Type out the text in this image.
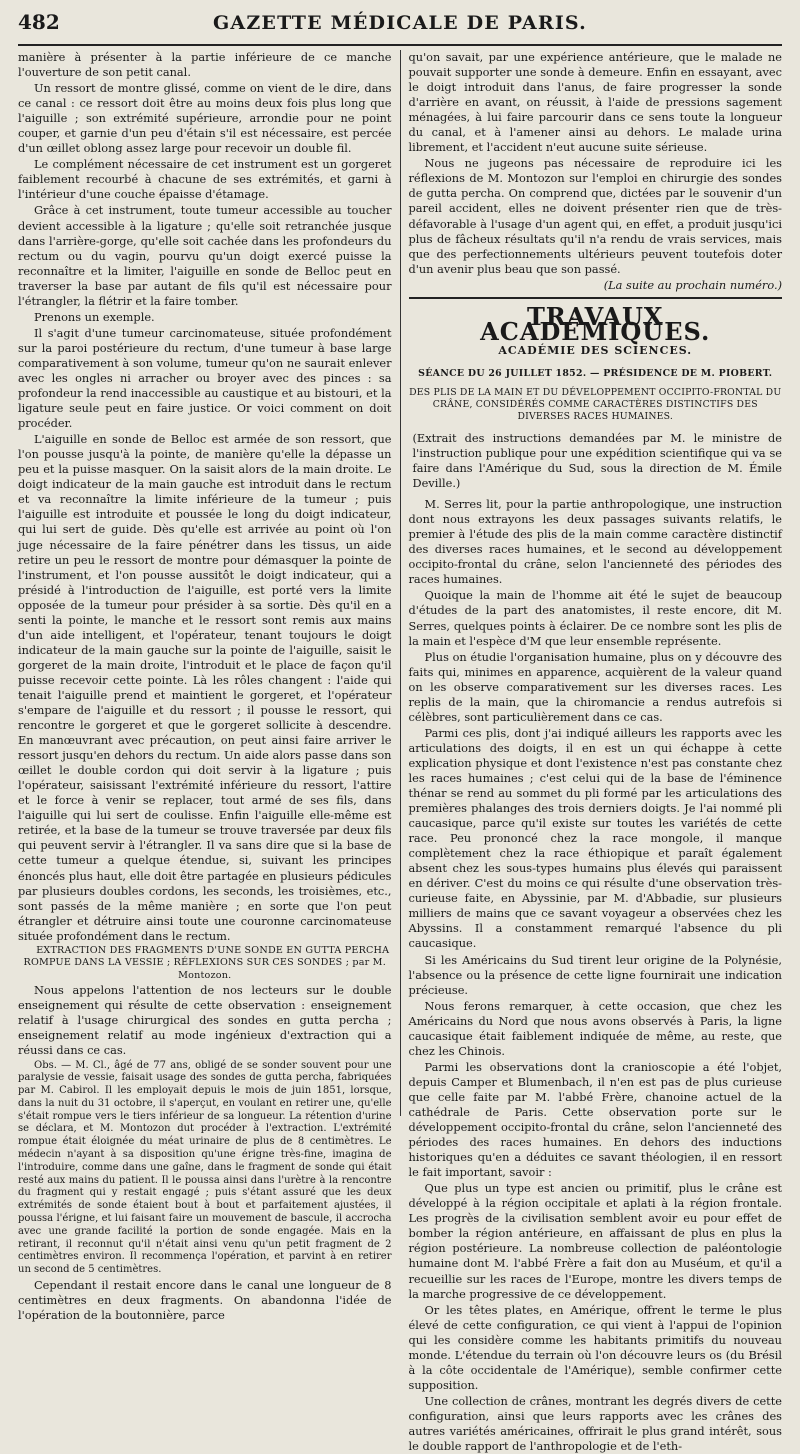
482	GAZETTE MÉDICALE DE PARIS.

manière à présenter à la partie inférieure de ce manche l'ouverture de son petit canal.

Un ressort de montre glissé, comme on vient de le dire, dans ce canal : ce ressort doit être au moins deux fois plus long que l'aiguille ; son extrémité supérieure, arrondie pour ne point couper, et garnie d'un peu d'étain s'il est nécessaire, est percée d'un œillet oblong assez large pour recevoir un double fil.

Le complément nécessaire de cet instrument est un gorgeret faiblement recourbé à chacune de ses extrémités, et garni à l'intérieur d'une couche épaisse d'étamage.

Grâce à cet instrument, toute tumeur accessible au toucher devient accessible à la ligature ; qu'elle soit retranchée jusque dans l'arrière-gorge, qu'elle soit cachée dans les profondeurs du rectum ou du vagin, pourvu qu'un doigt exercé puisse la reconnaître et la limiter, l'aiguille en sonde de Belloc peut en traverser la base par autant de fils qu'il est nécessaire pour l'étrangler, la flétrir et la faire tomber.

Prenons un exemple.

Il s'agit d'une tumeur carcinomateuse, située profondément sur la paroi postérieure du rectum, d'une tumeur à base large comparativement à son volume, tumeur qu'on ne saurait enlever avec les ongles ni arracher ou broyer avec des pinces : sa profondeur la rend inaccessible au caustique et au bistouri, et la ligature seule peut en faire justice. Or voici comment on doit procéder.

L'aiguille en sonde de Belloc est armée de son ressort, que l'on pousse jusqu'à la pointe, de manière qu'elle la dépasse un peu et la puisse masquer. On la saisit alors de la main droite. Le doigt indicateur de la main gauche est introduit dans le rectum et va reconnaître la limite inférieure de la tumeur ; puis l'aiguille est introduite et poussée le long du doigt indicateur, qui lui sert de guide. Dès qu'elle est arrivée au point où l'on juge nécessaire de la faire pénétrer dans les tissus, un aide retire un peu le ressort de montre pour démasquer la pointe de l'instrument, et l'on pousse aussitôt le doigt indicateur, qui a présidé à l'introduction de l'aiguille, est porté vers la limite opposée de la tumeur pour présider à sa sortie. Dès qu'il en a senti la pointe, le manche et le ressort sont remis aux mains d'un aide intelligent, et l'opérateur, tenant toujours le doigt indicateur de la main gauche sur la pointe de l'aiguille, saisit le gorgeret de la main droite, l'introduit et le place de façon qu'il puisse recevoir cette pointe. Là les rôles changent : l'aide qui tenait l'aiguille prend et maintient le gorgeret, et l'opérateur s'empare de l'aiguille et du ressort ; il pousse le ressort, qui rencontre le gorgeret et que le gorgeret sollicite à descendre. En manœuvrant avec précaution, on peut ainsi faire arriver le ressort jusqu'en dehors du rectum. Un aide alors passe dans son œillet le double cordon qui doit servir à la ligature ; puis l'opérateur, saisissant l'extrémité inférieure du ressort, l'attire et le force à venir se replacer, tout armé de ses fils, dans l'aiguille qui lui sert de coulisse. Enfin l'aiguille elle-même est retirée, et la base de la tumeur se trouve traversée par deux fils qui peuvent servir à l'étrangler. Il va sans dire que si la base de cette tumeur a quelque étendue, si, suivant les principes énoncés plus haut, elle doit être partagée en plusieurs pédicules par plusieurs doubles cordons, les seconds, les troisièmes, etc., sont passés de la même manière ; en sorte que l'on peut étrangler et détruire ainsi toute une couronne carcinomateuse située profondément dans le rectum.

EXTRACTION DES FRAGMENTS D'UNE SONDE EN GUTTA PERCHA ROMPUE DANS LA VESSIE ; RÉFLEXIONS SUR CES SONDES ; par M. Montozon.

Nous appelons l'attention de nos lecteurs sur le double enseignement qui résulte de cette observation : enseignement relatif à l'usage chirurgical des sondes en gutta percha ; enseignement relatif au mode ingénieux d'extraction qui a réussi dans ce cas.

Obs. — M. Cl., âgé de 77 ans, obligé de se sonder souvent pour une paralysie de vessie, faisait usage des sondes de gutta percha, fabriquées par M. Cabirol. Il les employait depuis le mois de juin 1851, lorsque, dans la nuit du 31 octobre, il s'aperçut, en voulant en retirer une, qu'elle s'était rompue vers le tiers inférieur de sa longueur. La rétention d'urine se déclara, et M. Montozon dut procéder à l'extraction. L'extrémité rompue était éloignée du méat urinaire de plus de 8 centimètres. Le médecin n'ayant à sa disposition qu'une érigne très-fine, imagina de l'introduire, comme dans une gaîne, dans le fragment de sonde qui était resté aux mains du patient. Il le poussa ainsi dans l'urètre à la rencontre du fragment qui y restait engagé ; puis s'étant assuré que les deux extrémités de sonde étaient bout à bout et parfaitement ajustées, il poussa l'érigne, et lui faisant faire un mouvement de bascule, il accrocha avec une grande facilité la portion de sonde engagée. Mais en la retirant, il reconnut qu'il n'était ainsi venu qu'un petit fragment de 2 centimètres environ. Il recommença l'opération, et parvint à en retirer un second de 5 centimètres.

Cependant il restait encore dans le canal une longueur de 8 centimètres en deux fragments. On abandonna l'idée de l'opération de la boutonnière, parce

qu'on savait, par une expérience antérieure, que le malade ne pouvait supporter une sonde à demeure. Enfin en essayant, avec le doigt introduit dans l'anus, de faire progresser la sonde d'arrière en avant, on réussit, à l'aide de pressions sagement ménagées, à lui faire parcourir dans ce sens toute la longueur du canal, et à l'amener ainsi au dehors. Le malade urina librement, et l'accident n'eut aucune suite sérieuse.

Nous ne jugeons pas nécessaire de reproduire ici les réflexions de M. Montozon sur l'emploi en chirurgie des sondes de gutta percha. On comprend que, dictées par le souvenir d'un pareil accident, elles ne doivent présenter rien que de très-défavorable à l'usage d'un agent qui, en effet, a produit jusqu'ici plus de fâcheux résultats qu'il n'a rendu de vrais services, mais que des perfectionnements ultérieurs peuvent toutefois doter d'un avenir plus beau que son passé.

(La suite au prochain numéro.)

TRAVAUX ACADÉMIQUES.
ACADÉMIE DES SCIENCES.
SÉANCE DU 26 JUILLET 1852. — PRÉSIDENCE DE M. PIOBERT.
DES PLIS DE LA MAIN ET DU DÉVELOPPEMENT OCCIPITO-FRONTAL DU CRÂNE, CONSIDÉRÉS COMME CARACTÈRES DISTINCTIFS DES DIVERSES RACES HUMAINES.

(Extrait des instructions demandées par M. le ministre de l'instruction publique pour une expédition scientifique qui va se faire dans l'Amérique du Sud, sous la direction de M. Émile Deville.)

M. Serres lit, pour la partie anthropologique, une instruction dont nous extrayons les deux passages suivants relatifs, le premier à l'étude des plis de la main comme caractère distinctif des diverses races humaines, et le second au développement occipito-frontal du crâne, selon l'ancienneté des périodes des races humaines.

Quoique la main de l'homme ait été le sujet de beaucoup d'études de la part des anatomistes, il reste encore, dit M. Serres, quelques points à éclairer. De ce nombre sont les plis de la main et l'espèce d'M que leur ensemble représente.

Plus on étudie l'organisation humaine, plus on y découvre des faits qui, minimes en apparence, acquièrent de la valeur quand on les observe comparativement sur les diverses races. Les replis de la main, que la chiromancie a rendus autrefois si célèbres, sont particulièrement dans ce cas.

Parmi ces plis, dont j'ai indiqué ailleurs les rapports avec les articulations des doigts, il en est un qui échappe à cette explication physique et dont l'existence n'est pas constante chez les races humaines ; c'est celui qui de la base de l'éminence thénar se rend au sommet du pli formé par les articulations des premières phalanges des trois derniers doigts. Je l'ai nommé pli caucasique, parce qu'il existe sur toutes les variétés de cette race. Peu prononcé chez la race mongole, il manque complètement chez la race éthiopique et paraît également absent chez les sous-types humains plus élevés qui paraissent en dériver. C'est du moins ce qui résulte d'une observation très-curieuse faite, en Abyssinie, par M. d'Abbadie, sur plusieurs milliers de mains que ce savant voyageur a observées chez les Abyssins. Il a constamment remarqué l'absence du pli caucasique.

Si les Américains du Sud tirent leur origine de la Polynésie, l'absence ou la présence de cette ligne fournirait une indication précieuse.

Nous ferons remarquer, à cette occasion, que chez les Américains du Nord que nous avons observés à Paris, la ligne caucasique était faiblement indiquée de même, au reste, que chez les Chinois.

Parmi les observations dont la cranioscopie a été l'objet, depuis Camper et Blumenbach, il n'en est pas de plus curieuse que celle faite par M. l'abbé Frère, chanoine actuel de la cathédrale de Paris. Cette observation porte sur le développement occipito-frontal du crâne, selon l'ancienneté des périodes des races humaines. En dehors des inductions historiques qu'en a déduites ce savant théologien, il en ressort le fait important, savoir :

Que plus un type est ancien ou primitif, plus le crâne est développé à la région occipitale et aplati à la région frontale. Les progrès de la civilisation semblent avoir eu pour effet de bomber la région antérieure, en affaissant de plus en plus la région postérieure. La nombreuse collection de paléontologie humaine dont M. l'abbé Frère a fait don au Muséum, et qu'il a recueillie sur les races de l'Europe, montre les divers temps de la marche progressive de ce développement.

Or les têtes plates, en Amérique, offrent le terme le plus élevé de cette configuration, ce qui vient à l'appui de l'opinion qui les considère comme les habitants primitifs du nouveau monde. L'étendue du terrain où l'on découvre leurs os (du Brésil à la côte occidentale de l'Amérique), semble confirmer cette supposition.

Une collection de crânes, montrant les degrés divers de cette configuration, ainsi que leurs rapports avec les crânes des autres variétés américaines, offrirait le plus grand intérêt, sous le double rapport de l'anthropologie et de l'eth-
